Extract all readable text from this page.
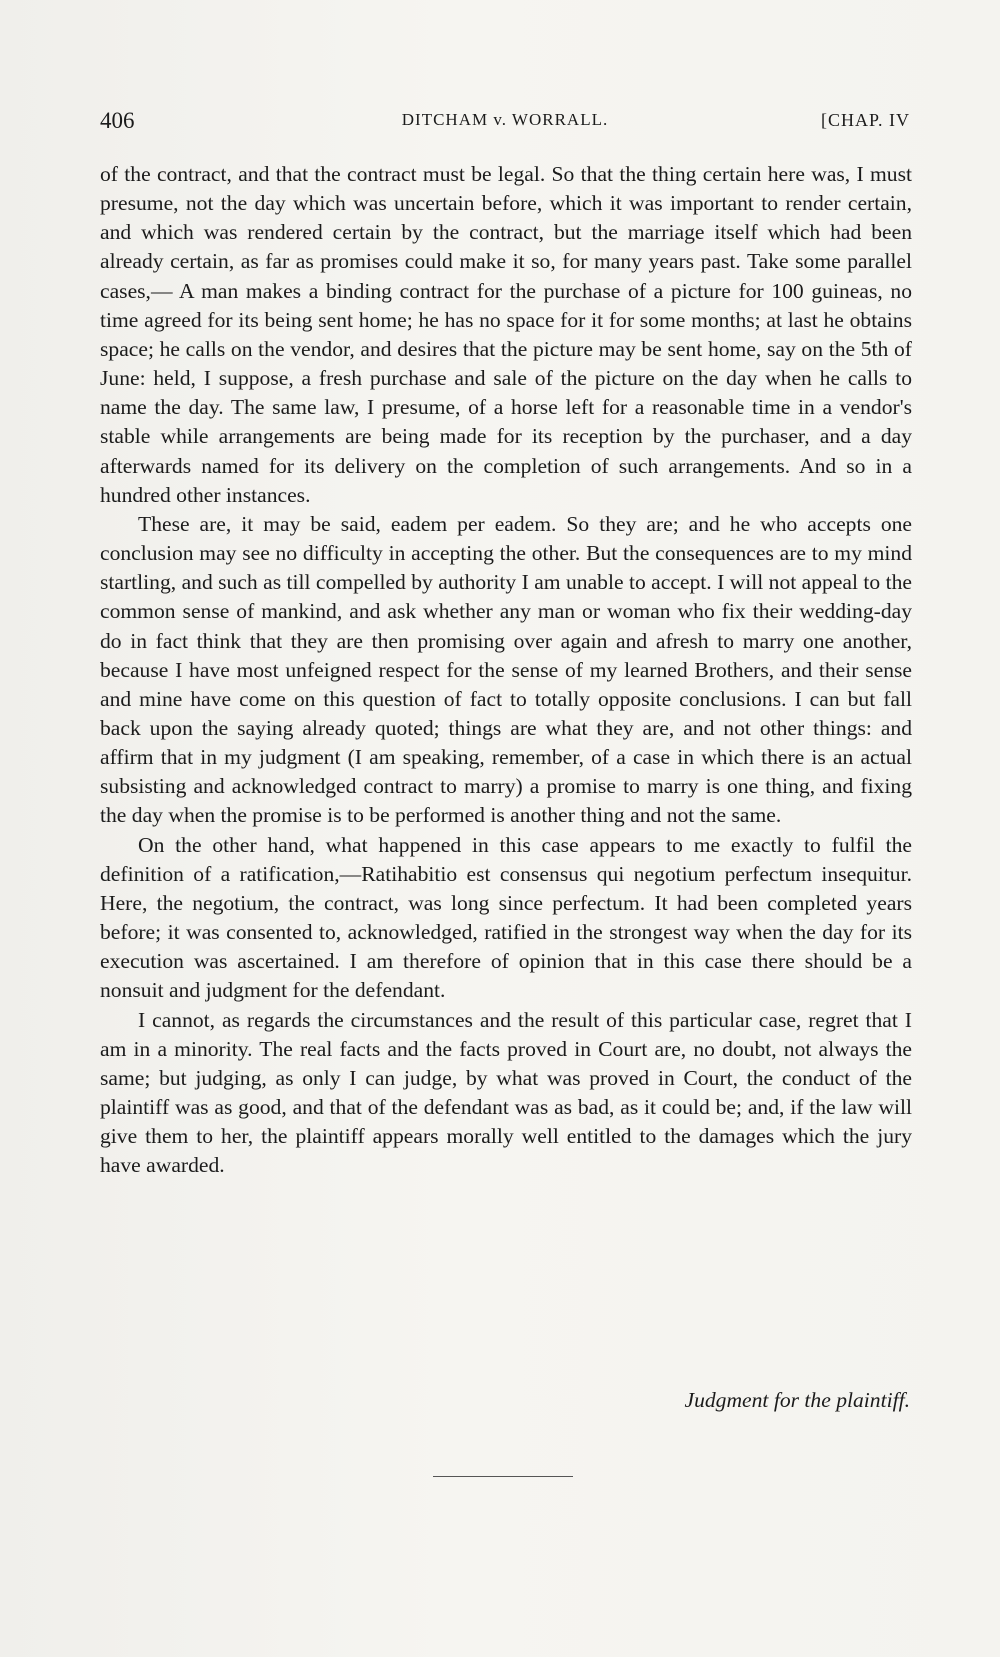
406	DITCHAM v. WORRALL.	[CHAP. IV

of the contract, and that the contract must be legal. So that the thing certain here was, I must presume, not the day which was uncertain before, which it was important to render certain, and which was rendered certain by the contract, but the marriage itself which had been already certain, as far as promises could make it so, for many years past. Take some parallel cases,— A man makes a binding contract for the purchase of a picture for 100 guineas, no time agreed for its being sent home; he has no space for it for some months; at last he obtains space; he calls on the vendor, and desires that the picture may be sent home, say on the 5th of June: held, I suppose, a fresh purchase and sale of the picture on the day when he calls to name the day. The same law, I presume, of a horse left for a reasonable time in a vendor's stable while arrangements are being made for its reception by the purchaser, and a day afterwards named for its delivery on the completion of such arrangements. And so in a hundred other instances.

These are, it may be said, eadem per eadem. So they are; and he who accepts one conclusion may see no difficulty in accepting the other. But the consequences are to my mind startling, and such as till compelled by authority I am unable to accept. I will not appeal to the common sense of mankind, and ask whether any man or woman who fix their wedding-day do in fact think that they are then promising over again and afresh to marry one another, because I have most unfeigned respect for the sense of my learned Brothers, and their sense and mine have come on this question of fact to totally opposite conclusions. I can but fall back upon the saying already quoted; things are what they are, and not other things: and affirm that in my judgment (I am speaking, remember, of a case in which there is an actual subsisting and acknowledged contract to marry) a promise to marry is one thing, and fixing the day when the promise is to be performed is another thing and not the same.

On the other hand, what happened in this case appears to me exactly to fulfil the definition of a ratification,—Ratihabitio est consensus qui negotium perfectum insequitur. Here, the negotium, the contract, was long since perfectum. It had been completed years before; it was consented to, acknowledged, ratified in the strongest way when the day for its execution was ascertained. I am therefore of opinion that in this case there should be a nonsuit and judgment for the defendant.

I cannot, as regards the circumstances and the result of this particular case, regret that I am in a minority. The real facts and the facts proved in Court are, no doubt, not always the same; but judging, as only I can judge, by what was proved in Court, the conduct of the plaintiff was as good, and that of the defendant was as bad, as it could be; and, if the law will give them to her, the plaintiff appears morally well entitled to the damages which the jury have awarded.

Judgment for the plaintiff.
